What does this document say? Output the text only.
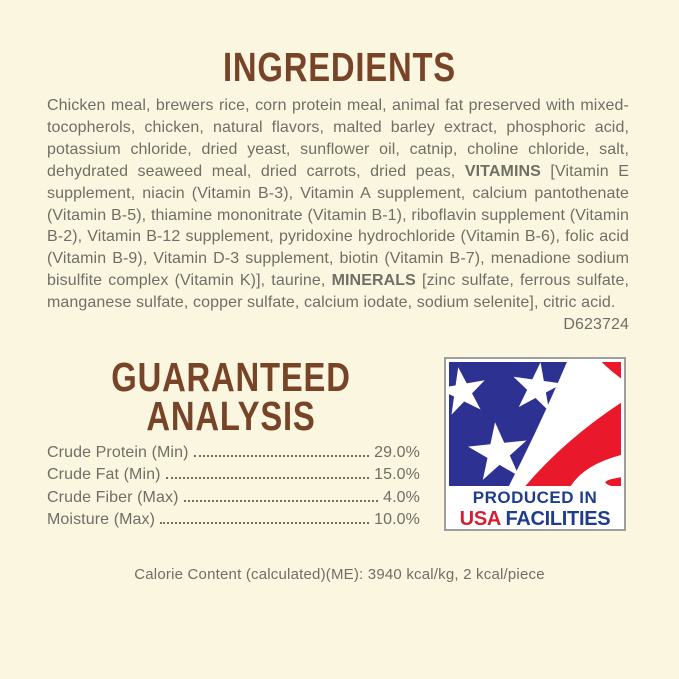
INGREDIENTS

Chicken meal, brewers rice, corn protein meal, animal fat preserved with mixed-tocopherols, chicken, natural flavors, malted barley extract, phosphoric acid, potassium chloride, dried yeast, sunflower oil, catnip, choline chloride, salt, dehydrated seaweed meal, dried carrots, dried peas, VITAMINS [Vitamin E supplement, niacin (Vitamin B-3), Vitamin A supplement, calcium pantothenate (Vitamin B-5), thiamine mononitrate (Vitamin B-1), riboflavin supplement (Vitamin B-2), Vitamin B-12 supplement, pyridoxine hydrochloride (Vitamin B-6), folic acid (Vitamin B-9), Vitamin D-3 supplement, biotin (Vitamin B-7), menadione sodium bisulfite complex (Vitamin K)], taurine, MINERALS [zinc sulfate, ferrous sulfate, manganese sulfate, copper sulfate, calcium iodate, sodium selenite], citric acid.

D623724
GUARANTEED
ANALYSIS
Crude Protein (Min)	29.0%
Crude Fat (Min)	15.0%
Crude Fiber (Max)	4.0%
Moisture (Max)	10.0%
PRODUCED IN
USA FACILITIES
Calorie Content (calculated)(ME): 3940 kcal/kg, 2 kcal/piece
